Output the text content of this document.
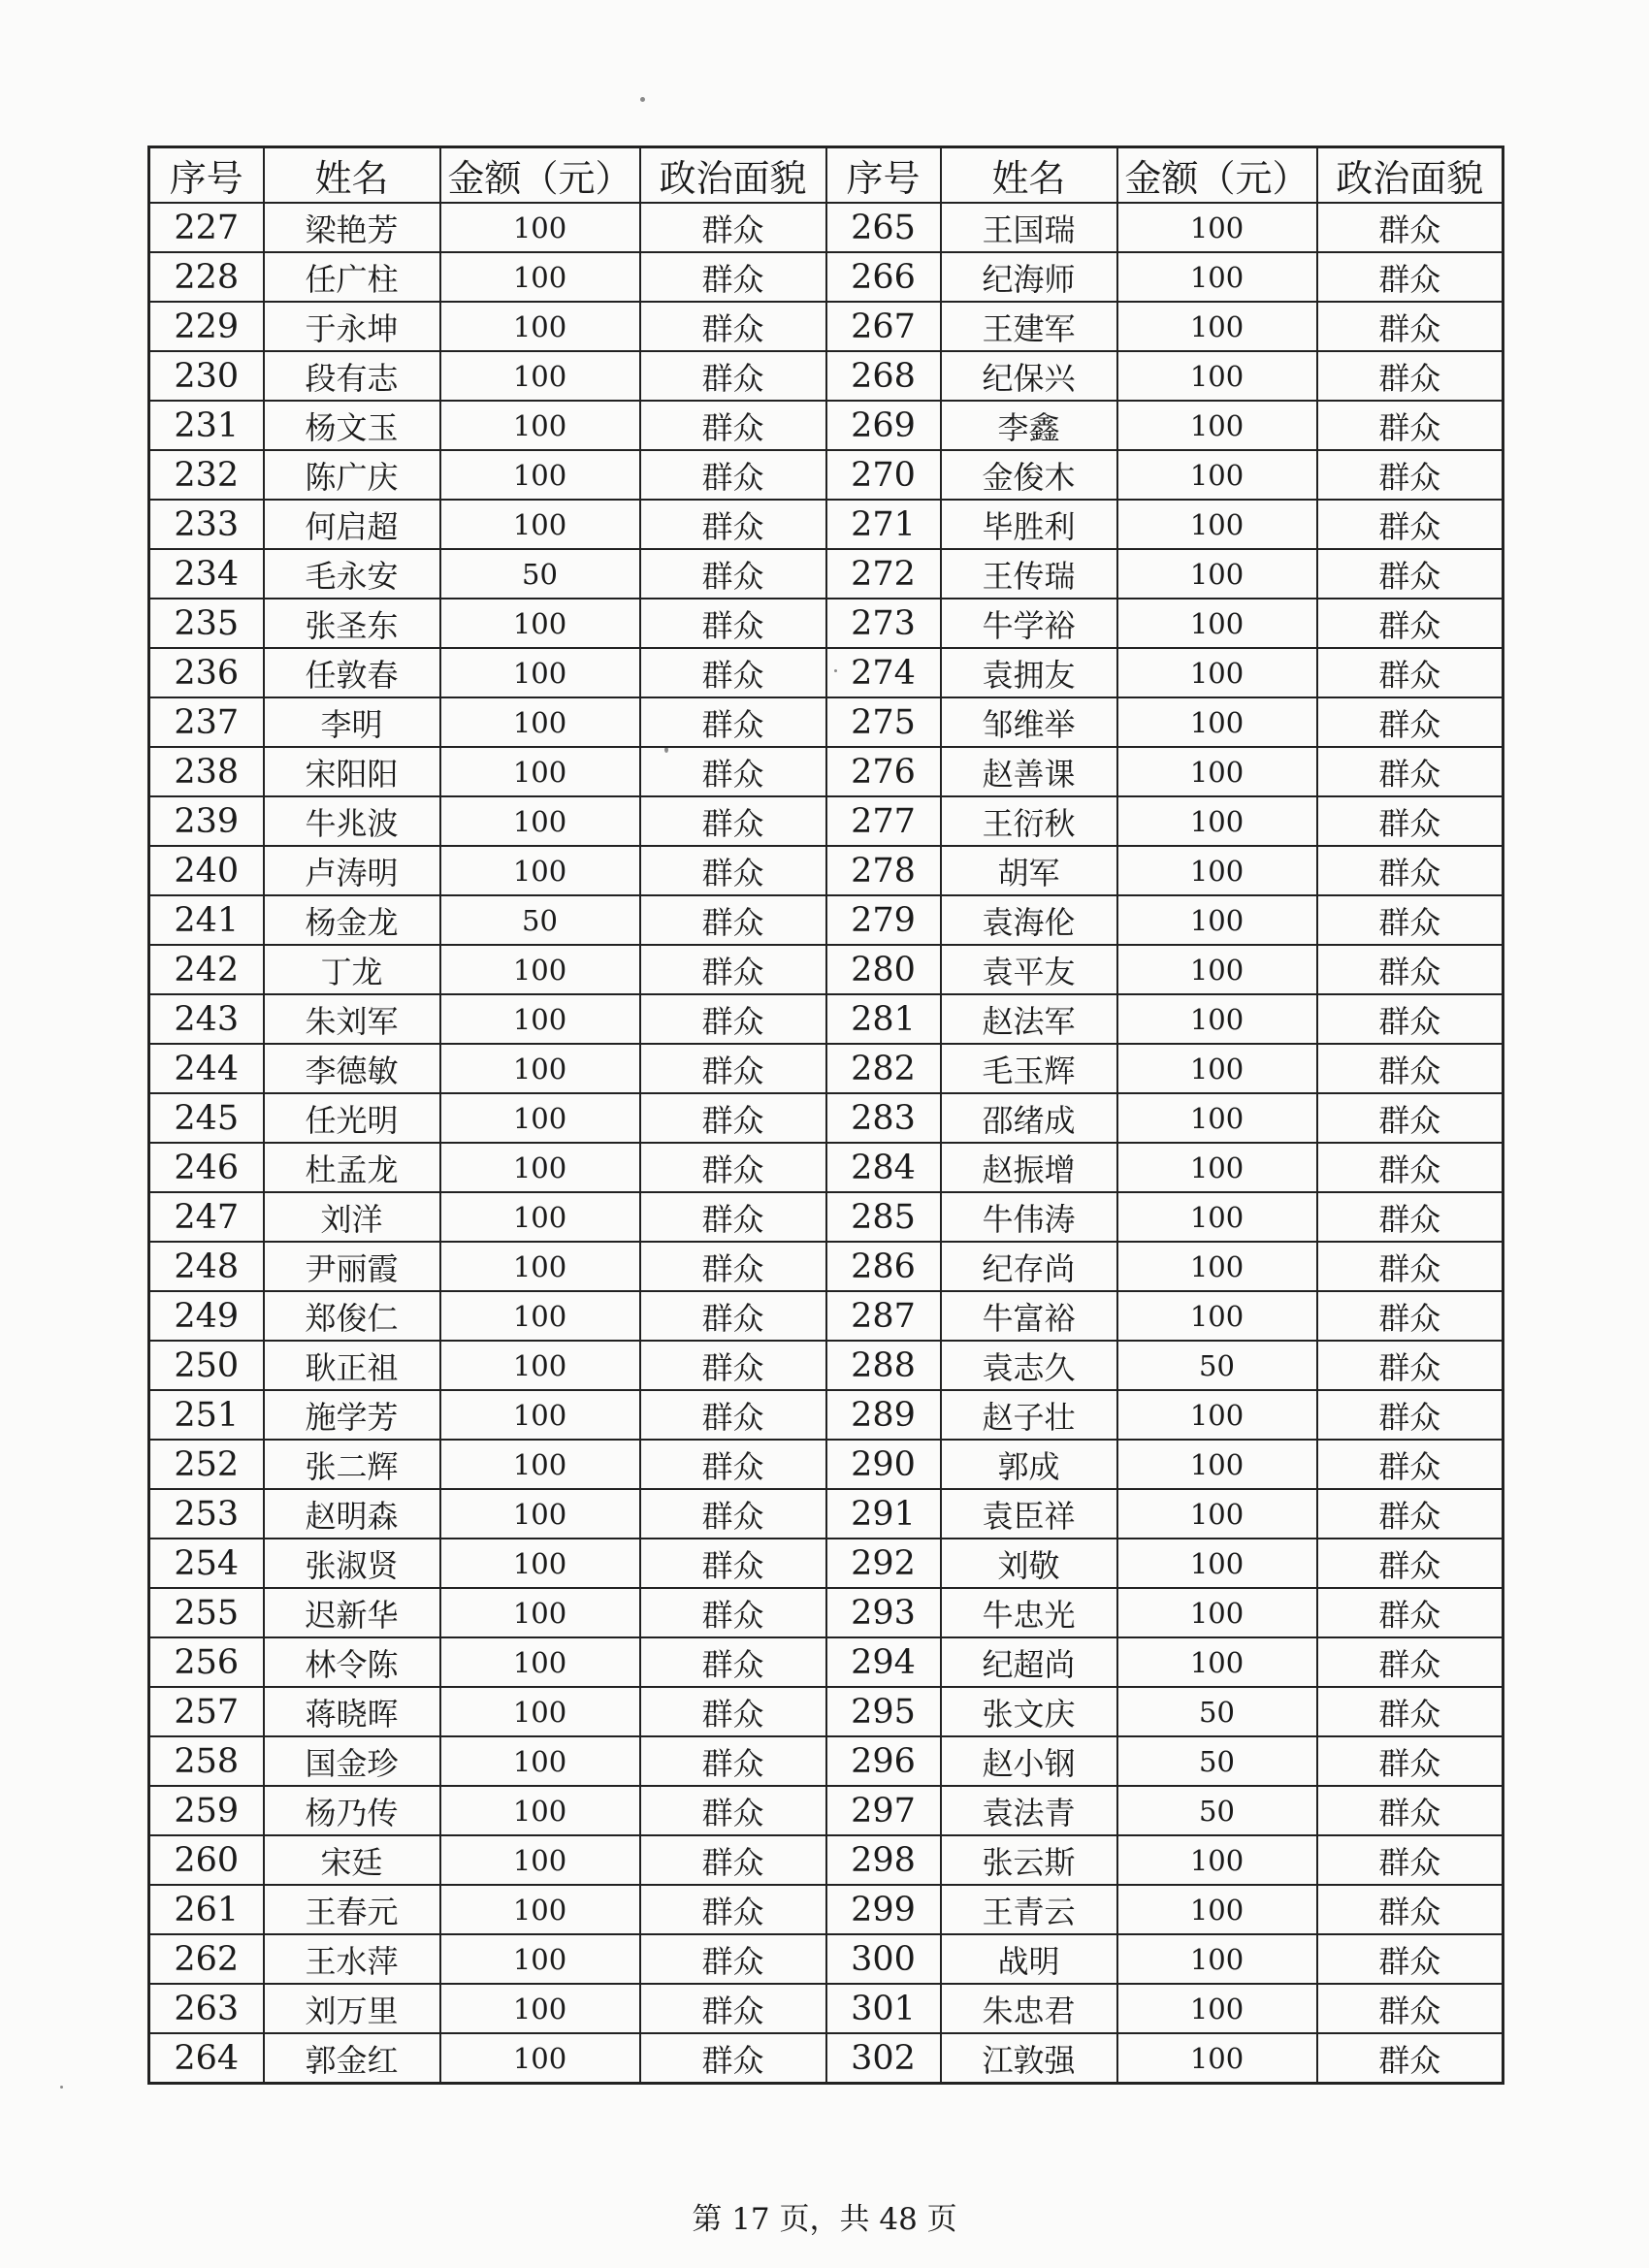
序号	姓名	金额（元）	政治面貌	序号	姓名	金额（元）	政治面貌
227	梁艳芳	100	群众	265	王国瑞	100	群众
228	任广柱	100	群众	266	纪海师	100	群众
229	于永坤	100	群众	267	王建军	100	群众
230	段有志	100	群众	268	纪保兴	100	群众
231	杨文玉	100	群众	269	李鑫	100	群众
232	陈广庆	100	群众	270	金俊木	100	群众
233	何启超	100	群众	271	毕胜利	100	群众
234	毛永安	50	群众	272	王传瑞	100	群众
235	张圣东	100	群众	273	牛学裕	100	群众
236	任敦春	100	群众	274	袁拥友	100	群众
237	李明	100	群众	275	邹维举	100	群众
238	宋阳阳	100	群众	276	赵善课	100	群众
239	牛兆波	100	群众	277	王衍秋	100	群众
240	卢涛明	100	群众	278	胡军	100	群众
241	杨金龙	50	群众	279	袁海伦	100	群众
242	丁龙	100	群众	280	袁平友	100	群众
243	朱刘军	100	群众	281	赵法军	100	群众
244	李德敏	100	群众	282	毛玉辉	100	群众
245	任光明	100	群众	283	邵绪成	100	群众
246	杜孟龙	100	群众	284	赵振增	100	群众
247	刘洋	100	群众	285	牛伟涛	100	群众
248	尹丽霞	100	群众	286	纪存尚	100	群众
249	郑俊仁	100	群众	287	牛富裕	100	群众
250	耿正祖	100	群众	288	袁志久	50	群众
251	施学芳	100	群众	289	赵子壮	100	群众
252	张二辉	100	群众	290	郭成	100	群众
253	赵明森	100	群众	291	袁臣祥	100	群众
254	张淑贤	100	群众	292	刘敬	100	群众
255	迟新华	100	群众	293	牛忠光	100	群众
256	林令陈	100	群众	294	纪超尚	100	群众
257	蒋晓晖	100	群众	295	张文庆	50	群众
258	国金珍	100	群众	296	赵小钢	50	群众
259	杨乃传	100	群众	297	袁法青	50	群众
260	宋廷	100	群众	298	张云斯	100	群众
261	王春元	100	群众	299	王青云	100	群众
262	王水萍	100	群众	300	战明	100	群众
263	刘万里	100	群众	301	朱忠君	100	群众
264	郭金红	100	群众	302	江敦强	100	群众
第 17 页，共 48 页
